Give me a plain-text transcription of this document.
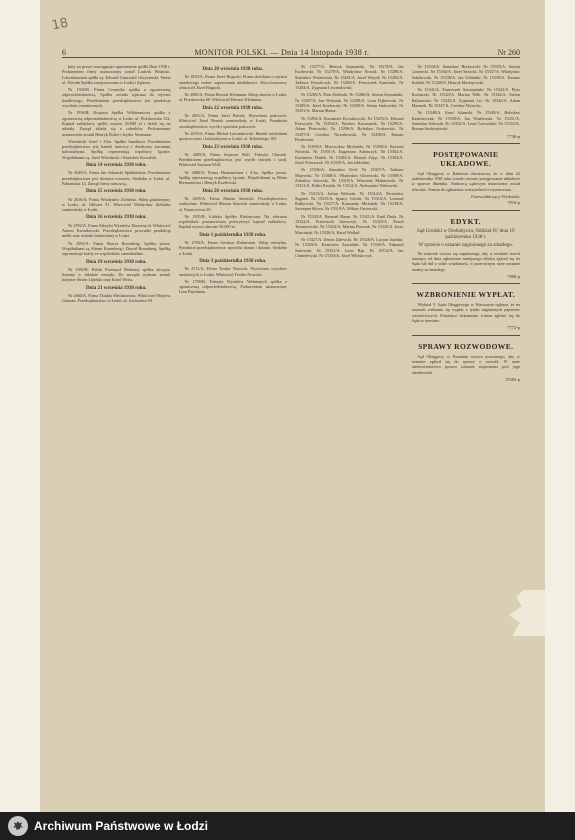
18
6	MONITOR POLSKI. — Dnia 14 listopada 1938 r.	Nr 260

kitty na prawo rozciągnięto uprawnienia spółki Dnia 1938 r. Prokurentem firmy ustanowiony został Ludwik Wiśnicki. Likwidatorami spółki są: Edward Grunwald i Kryszinski. Firma ul. Niecała Spółka zarejestrowana w Łodzi i Zgierzu.

Nr 1920/B. Firma Ceramika spółka z ograniczoną odpowiedzialnością. Spółka została wpisana do rejestru handlowego. Przedmiotem przedsiębiorstwa jest produkcja wyrobów ceramicznych.

Nr 1936/B. Krajowa Spółka Włókiennicza spółka z ograniczoną odpowiedzialnością w Łodzi, ul. Piotrkowska 132. Kapitał zakładowy spółki wynosi 20.000 zł i dzieli się na udziały. Zarząd składa się z członków. Prokurentami ustanowieni zostali Henryk Fisher i Izydor Neumann.

Wierzbicki Józef i S-ka. Spółka handlowa. Przedmiotem przedsiębiorstwa jest handel hurtowy i detaliczny towarami kolonialnymi. Spółkę reprezentują wspólnicy łącznie. Wspólnikami są: Józef Wierzbicki i Stanisław Kowalski.

Dnia 14 września 1938 roku.

Nr 2649/A. Firma Jan Adamski Spółdzielnia. Przedmiotem przedsiębiorstwa jest dostawa towarów. Siedziba w Łodzi, ul. Pabianicka 14. Zarząd firmy stanowią.

Dnia 15 września 1938 roku.

Nr 2616/A. Firma Władysław Zieliński. Sklep galanteryjny w Łodzi, ul. Główna 31. Właściciel Władysław Zieliński zamieszkały w Łodzi.

Dnia 16 września 1938 roku.

Nr 2592/A. Firma Fabryka Wyrobów Drzewnych. Właściciel Antoni Kwiatkowski. Przedsiębiorstwo prowadzi produkcję mebli oraz stolarki budowlanej w Łodzi.

Nr 2593/A. Firma Bracia Rosenberg. Spółka jawna. Wspólnikami są Abram Rosenberg i Dawid Rosenberg. Spółkę reprezentuje każdy ze wspólników samodzielnie.

Dnia 19 września 1938 roku.

Nr 1990/B. Polski Przemysł Wełniany spółka akcyjna. Zmiany w składzie zarządu. Do zarządu wybrani zostali inżynier Stefan Lipiński oraz Karol Weiss.

Dnia 21 września 1938 roku.

Nr 2660/A. Firma Tkalnia Mechaniczna. Właściciel Mojżesz Gutman. Przedsiębiorstwo w Łodzi, ul. Zachodnia 58.

Dnia 20 września 1938 roku.

Nr 1830/A. Firma Józef Bogucki. Firma skreślona z rejestru handlowego wobec zaprzestania działalności. Dotychczasowy właściciel Józef Bogucki.

Nr 2000/A. Firma Herszel Kleinman. Sklep obuwia w Łodzi, ul. Piotrkowska 60. Właściciel Herszel Kleinman.

Dnia 22 września 1938 roku.

Nr 2651/A. Firma Józef Beniek. Wytwórnia pończoch. Właściciel Józef Beniek zamieszkały w Łodzi. Przedmiot przedsiębiorstwa: wyrób i sprzedaż pończoch.

Nr 2676/A. Firma Michał Lewandowski. Handel artykułami spożywczymi i kolonialnymi w Łodzi, ul. Kilińskiego 102.

Dnia 23 września 1938 roku.

Nr 2685/A. Firma Szymon Wolf. Fabryka Chustek. Przedmiotem przedsiębiorstwa jest wyrób chustek i szali. Właściciel Szymon Wolf.

Nr 2686/A. Firma Hermanówna i S-ka. Spółka jawna. Spółkę reprezentują wspólnicy łącznie. Wspólnikami są Maria Hermanówna i Henryk Kozłowski.

Dnia 26 września 1938 roku.

Nr 2695/A. Firma Marian Stawicki. Przedsiębiorstwo budowlane. Właściciel Marian Stawicki zamieszkały w Łodzi, ul. Narutowicza 20.

Nr 1955/B. Łódzka Spółka Elektryczna. Na zebraniu wspólników postanowiono podwyższyć kapitał zakładowy. Kapitał wynosi obecnie 50.000 zł.

Dnia 1 października 1938 roku.

Nr 2700/A. Firma Gershon Rubinstein. Sklep tekstylny. Przedmiot przedsiębiorstwa: sprzedaż tkanin i dzianin. Siedziba w Łodzi.

Dnia 3 października 1938 roku.

Nr 2711/A. Firma Teodor Nowicki. Wytwórnia wyrobów metalowych w Łodzi. Właściciel Teodor Nowicki.

Nr 1790/B. Fabryka Wyrobów Wełnianych spółka z ograniczoną odpowiedzialnością. Prokurentem ustanowiony Leon Rajchman.

Nr 15277/A. Henryk Szymański. Nr 15278/A. Jan Kozłowski. Nr 15279/A. Władysław Nowak. Nr 15280/A. Stanisław Wiśniewski. Nr 15281/A. Józef Wójcik. Nr 15282/A. Tadeusz Kowalczyk. Nr 15283/A. Franciszek Kamiński. Nr 15284/A. Zygmunt Lewandowski.

Nr 15285/A. Piotr Zieliński. Nr 15286/A. Antoni Szymański. Nr 15287/A. Jan Woźniak. Nr 15288/A. Leon Dąbrowski. Nr 15289/A. Józef Kozłowski. Nr 15290/A. Stefan Jankowski. Nr 15291/A. Marian Mazur.

Nr 15292/A. Kazimierz Kwiatkowski. Nr 15293/A. Edward Krawczyk. Nr 15294/A. Wacław Kaczmarek. Nr 15295/A. Adam Piotrowski. Nr 15296/A. Bolesław Grabowski. Nr 15297/A. Czesław Nowakowski. Nr 15298/A. Roman Pawłowski.

Nr 15299/A. Mieczysław Michalski. Nr 15300/A. Ryszard Nowicki. Nr 15301/A. Eugeniusz Adamczyk. Nr 15302/A. Kazimierz Dudek. Nr 15303/A. Henryk Zając. Nr 15304/A. Józef Wieczorek. Nr 15305/A. Jan Jabłoński.

Nr 15306/A. Stanisław Król. Nr 15307/A. Tadeusz Majewski. Nr 15308/A. Władysław Olszewski. Nr 15309/A. Zdzisław Jaworski. Nr 15310/A. Wincenty Malinowski. Nr 15311/A. Feliks Pawlak. Nr 15312/A. Aleksander Witkowski.

Nr 15313/A. Julian Walczak. Nr 15314/A. Bronisław Stępień. Nr 15315/A. Ignacy Górski. Nr 15316/A. Leonard Rutkowski. Nr 15317/A. Konstanty Michalak. Nr 15318/A. Szczepan Sikora. Nr 15319/A. Wiktor Ostrowski.

Nr 15320/A. Bernard Baran. Nr 15321/A. Emil Duda. Nr 15322/A. Franciszek Szewczyk. Nr 15323/A. Paweł Tomaszewski. Nr 15324/A. Marian Pietrzak. Nr 15325/A. Jerzy Marciniak. Nr 15326/A. Karol Wróbel.

Nr 15327/A. Zenon Zalewski. Nr 15328/A. Lucjan Jasiński. Nr 15329/A. Kazimierz Zawadzki. Nr 15330/A. Edmund Sadowski. Nr 15331/A. Leon Bąk. Nr 15332/A. Jan Chmielewski. Nr 15333/A. Józef Włodarczyk.

Nr 15334/A. Stanisław Borkowski. Nr 15335/A. Antoni Czarnecki. Nr 15336/A. Józef Sawicki. Nr 15337/A. Władysław Sokołowski. Nr 15338/A. Jan Urbański. Nr 15339/A. Tomasz Kubiak. Nr 15340/A. Henryk Maciejewski.

Nr 15341/A. Franciszek Szczepański. Nr 15342/A. Piotr Kucharski. Nr 15343/A. Marian Wilk. Nr 15344/A. Stefan Kalinowski. Nr 15345/A. Zygmunt Lis. Nr 15346/A. Adam Mazurek. Nr 15347/A. Czesław Wysocki.

Nr 15348/A. Józef Adamski. Nr 15349/A. Bolesław Kaźmierczak. Nr 15350/A. Jan Wasilewski. Nr 15351/A. Stanisław Sobczak. Nr 15352/A. Leon Czerwiński. Nr 15353/A. Roman Andrzejewski.

7730-p
POSTĘPOWANIE UKŁADOWE.

Sąd Okręgowy w Radomiu obwieszcza, że w dniu 22 października 1938 roku zostało otwarte postępowanie układowe w sprawie dłużnika. Nadzorcą sądowym mianowany został adwokat. Termin do zgłaszania wierzytelności wyznaczono.

Przewodniczący Wydziału.
7816-p
EDYKT.
Sąd Grodzki w Drohobyczu, Oddział IV, dnia 19 października 1938 r.
W sprawie o uznanie zaginionego za zmarłego.

Na wniosek wzywa się zaginionego, aby w terminie trzech miesięcy od dnia ogłoszenia niniejszego edyktu zgłosił się do Sądu lub dał o sobie wiadomość, w przeciwnym razie zostanie uznany za zmarłego.

7808-p
WZBRONIENIE WYPŁAT.

Wydział V Sądu Okręgowego w Warszawie ogłasza, że na wniosek wzbrania się wypłat z tytułu zaginionych papierów wartościowych. Posiadacz dokumentu winien zgłosić się do Sądu w terminie.

7772-p
SPRAWY ROZWODOWE.

Sąd Okręgowy w Poznaniu wzywa pozwanego, aby w terminie zgłosił się do sprawy o rozwód. W razie niestawiennictwa sprawa zostanie rozpoznana pod jego nieobecność.

15382-p
Archiwum Państwowe w Łodzi
